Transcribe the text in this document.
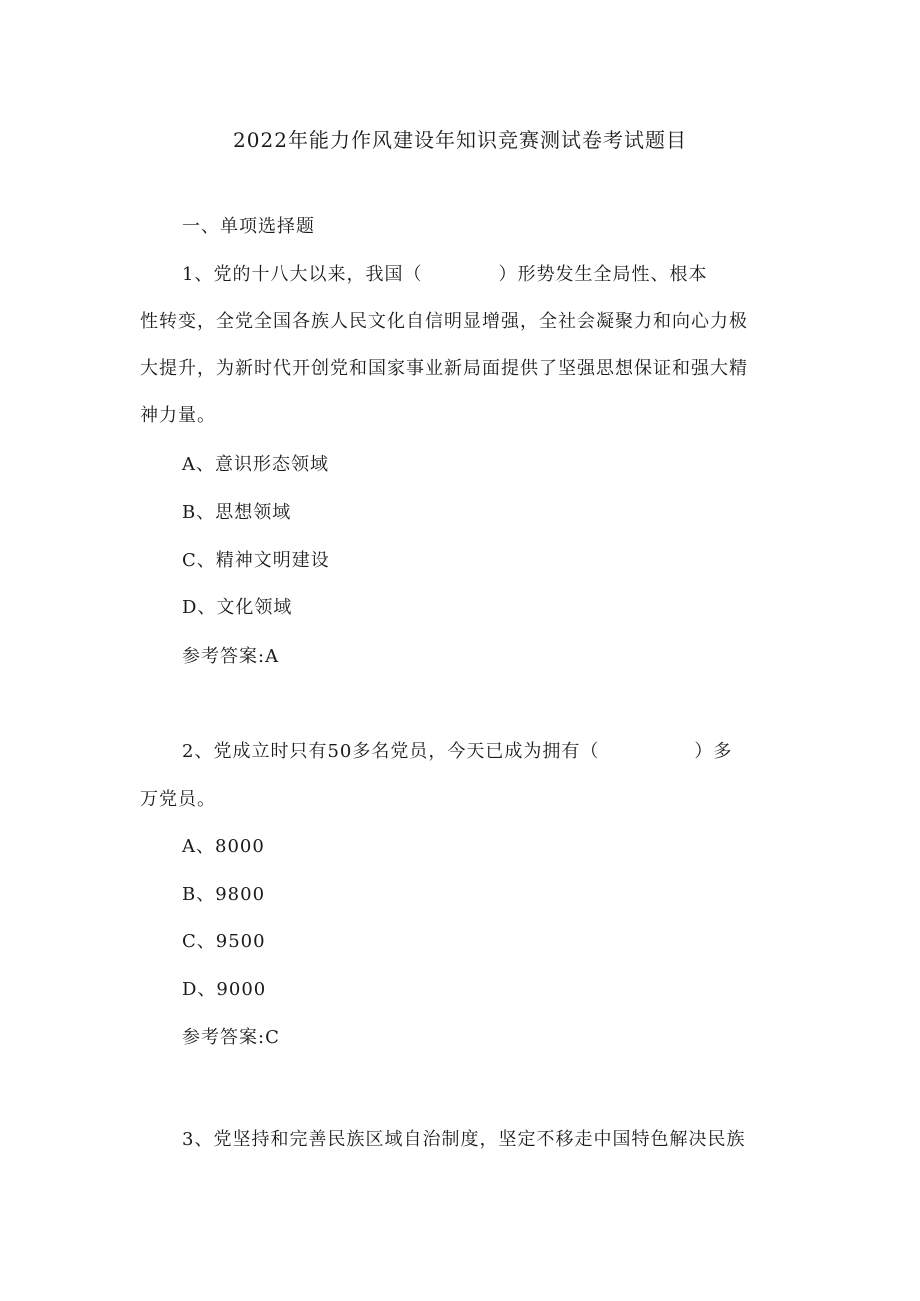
2022年能力作风建设年知识竞赛测试卷考试题目
一、单项选择题
1、党的十八大以来，我国（　　　　）形势发生全局性、根本
性转变，全党全国各族人民文化自信明显增强，全社会凝聚力和向心力极
大提升，为新时代开创党和国家事业新局面提供了坚强思想保证和强大精
神力量。
A、意识形态领域
B、思想领域
C、精神文明建设
D、文化领域
参考答案:A
2、党成立时只有50多名党员，今天已成为拥有（　　　　　）多
万党员。
A、8000
B、9800
C、9500
D、9000
参考答案:C
3、党坚持和完善民族区域自治制度，坚定不移走中国特色解决民族
